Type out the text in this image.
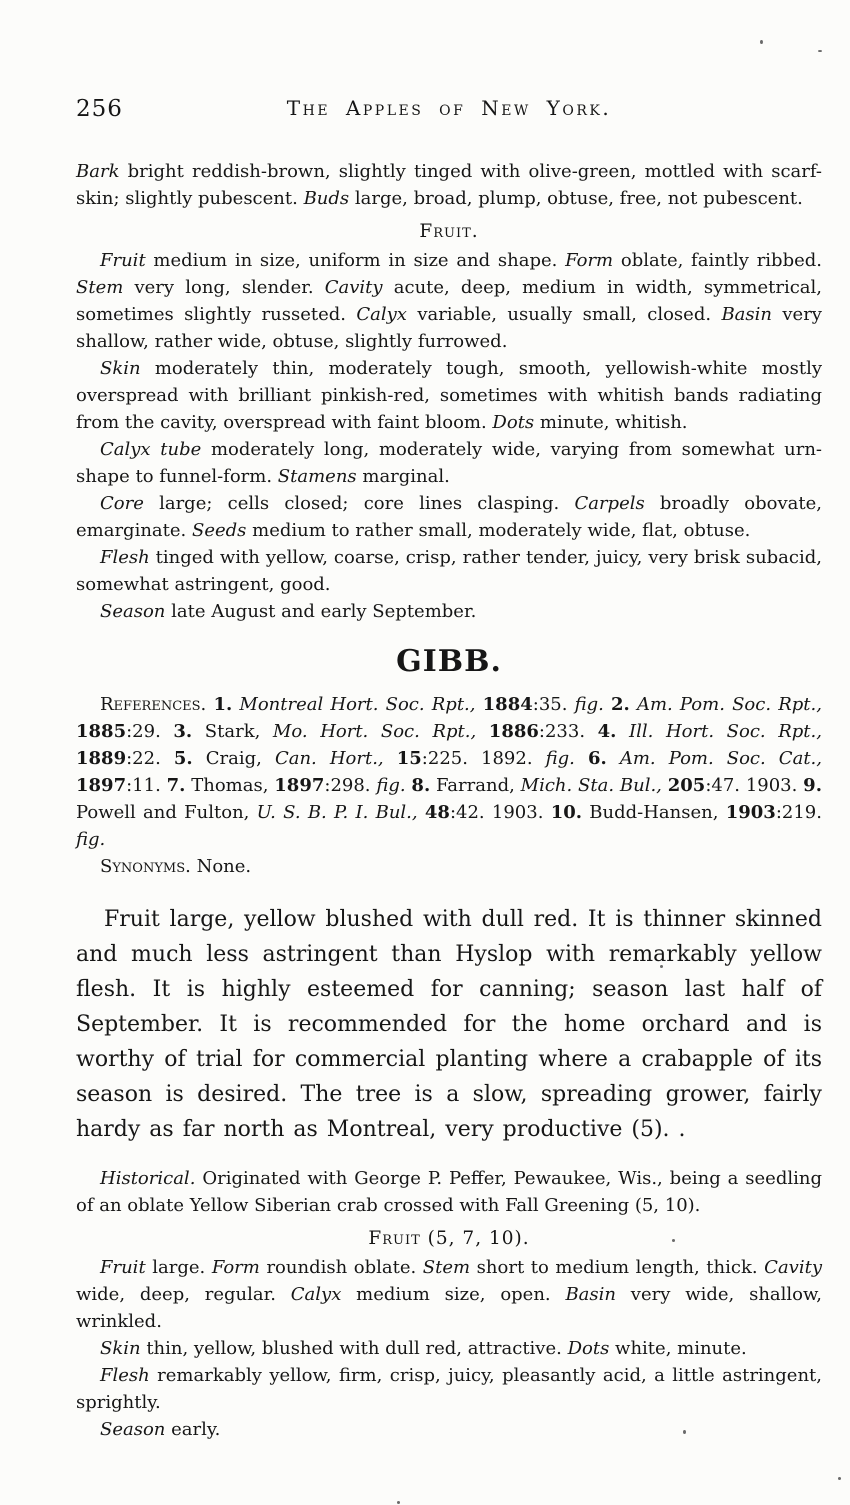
256	The Apples of New York.

Bark bright reddish-brown, slightly tinged with olive-green, mottled with scarf-skin; slightly pubescent. Buds large, broad, plump, obtuse, free, not pubescent.

Fruit.

Fruit medium in size, uniform in size and shape. Form oblate, faintly ribbed. Stem very long, slender. Cavity acute, deep, medium in width, symmetrical, sometimes slightly russeted. Calyx variable, usually small, closed. Basin very shallow, rather wide, obtuse, slightly furrowed.

Skin moderately thin, moderately tough, smooth, yellowish-white mostly overspread with brilliant pinkish-red, sometimes with whitish bands radiating from the cavity, overspread with faint bloom. Dots minute, whitish.

Calyx tube moderately long, moderately wide, varying from somewhat urn-shape to funnel-form. Stamens marginal.

Core large; cells closed; core lines clasping. Carpels broadly obovate, emarginate. Seeds medium to rather small, moderately wide, flat, obtuse.

Flesh tinged with yellow, coarse, crisp, rather tender, juicy, very brisk subacid, somewhat astringent, good.

Season late August and early September.

GIBB.

References. 1. Montreal Hort. Soc. Rpt., 1884:35. fig. 2. Am. Pom. Soc. Rpt., 1885:29. 3. Stark, Mo. Hort. Soc. Rpt., 1886:233. 4. Ill. Hort. Soc. Rpt., 1889:22. 5. Craig, Can. Hort., 15:225. 1892. fig. 6. Am. Pom. Soc. Cat., 1897:11. 7. Thomas, 1897:298. fig. 8. Farrand, Mich. Sta. Bul., 205:47. 1903. 9. Powell and Fulton, U. S. B. P. I. Bul., 48:42. 1903. 10. Budd-Hansen, 1903:219. fig.

Synonyms. None.

Fruit large, yellow blushed with dull red. It is thinner skinned and much less astringent than Hyslop with remarkably yellow flesh. It is highly esteemed for canning; season last half of September. It is recommended for the home orchard and is worthy of trial for commercial planting where a crabapple of its season is desired. The tree is a slow, spreading grower, fairly hardy as far north as Montreal, very productive (5). .

Historical. Originated with George P. Peffer, Pewaukee, Wis., being a seedling of an oblate Yellow Siberian crab crossed with Fall Greening (5, 10).

Fruit (5, 7, 10).

Fruit large. Form roundish oblate. Stem short to medium length, thick. Cavity wide, deep, regular. Calyx medium size, open. Basin very wide, shallow, wrinkled.

Skin thin, yellow, blushed with dull red, attractive. Dots white, minute.

Flesh remarkably yellow, firm, crisp, juicy, pleasantly acid, a little astringent, sprightly.

Season early.
